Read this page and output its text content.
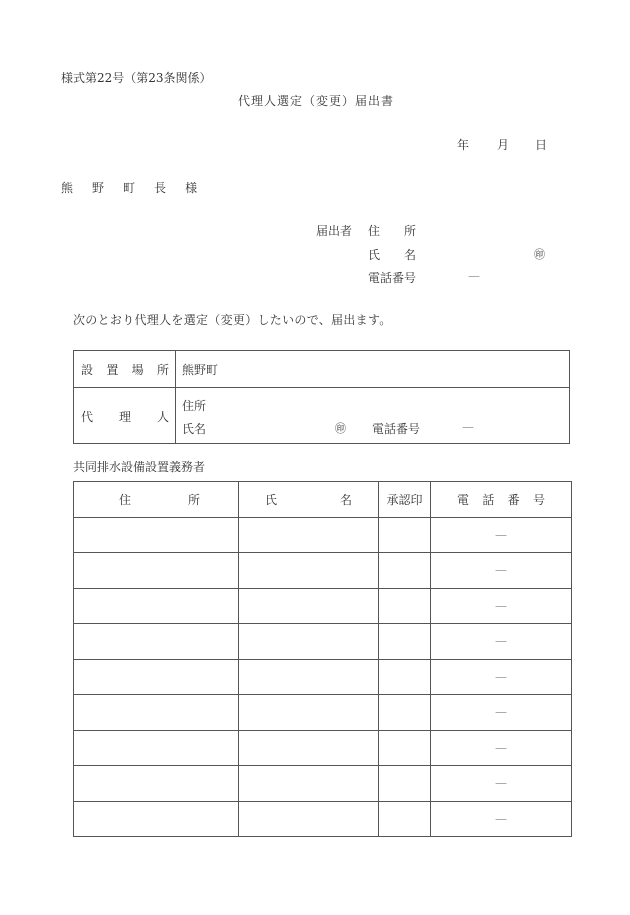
様式第22号（第23条関係）
代理人選定（変更）届出書
年 月 日
熊 野 町 長 様
届出者 住 所
氏 名	㊞
電話番号	—
次のとおり代理人を選定（変更）したいので、届出ます。
設 置 場 所 熊野町
代 理 人
住所
氏名	㊞ 電話番号	—
共同排水設備設置義務者
住 所	氏 名	承認印	電 話 番 号

			—
			—
			—
			—
			—
			—
			—
			—
			—
